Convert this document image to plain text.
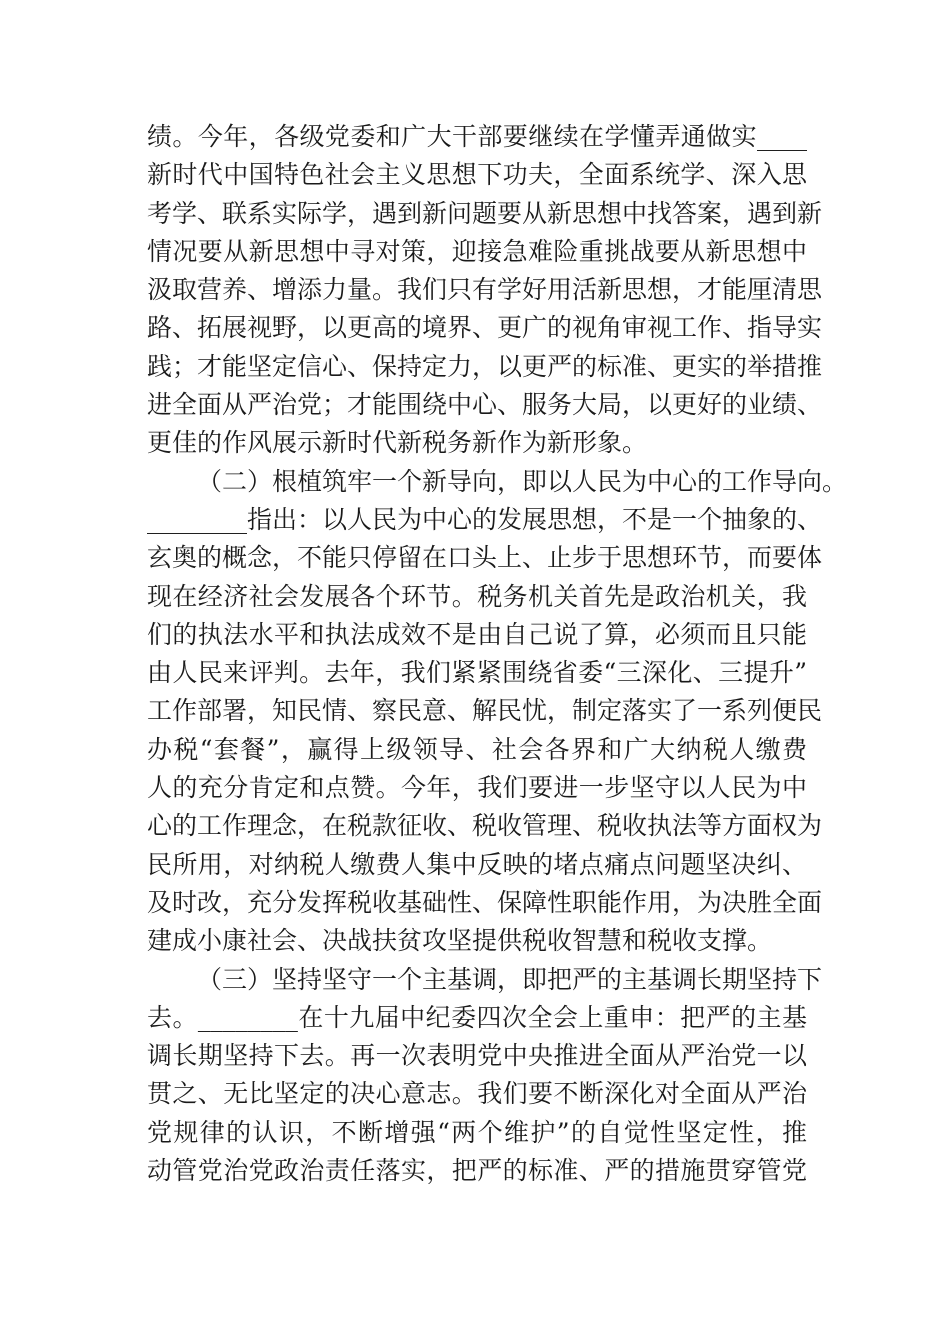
绩。今年，各级党委和广大干部要继续在学懂弄通做实____
新时代中国特色社会主义思想下功夫，全面系统学、深入思
考学、联系实际学，遇到新问题要从新思想中找答案，遇到新
情况要从新思想中寻对策，迎接急难险重挑战要从新思想中
汲取营养、增添力量。我们只有学好用活新思想，才能厘清思
路、拓展视野，以更高的境界、更广的视角审视工作、指导实
践；才能坚定信心、保持定力，以更严的标准、更实的举措推
进全面从严治党；才能围绕中心、服务大局，以更好的业绩、
更佳的作风展示新时代新税务新作为新形象。
（二）根植筑牢一个新导向，即以人民为中心的工作导向。
________指出：以人民为中心的发展思想，不是一个抽象的、
玄奥的概念，不能只停留在口头上、止步于思想环节，而要体
现在经济社会发展各个环节。税务机关首先是政治机关，我
们的执法水平和执法成效不是由自己说了算，必须而且只能
由人民来评判。去年，我们紧紧围绕省委“三深化、三提升”
工作部署，知民情、察民意、解民忧，制定落实了一系列便民
办税“套餐”，赢得上级领导、社会各界和广大纳税人缴费
人的充分肯定和点赞。今年，我们要进一步坚守以人民为中
心的工作理念，在税款征收、税收管理、税收执法等方面权为
民所用，对纳税人缴费人集中反映的堵点痛点问题坚决纠、
及时改，充分发挥税收基础性、保障性职能作用，为决胜全面
建成小康社会、决战扶贫攻坚提供税收智慧和税收支撑。
（三）坚持坚守一个主基调，即把严的主基调长期坚持下
去。________在十九届中纪委四次全会上重申：把严的主基
调长期坚持下去。再一次表明党中央推进全面从严治党一以
贯之、无比坚定的决心意志。我们要不断深化对全面从严治
党规律的认识，不断增强“两个维护”的自觉性坚定性，推
动管党治党政治责任落实，把严的标准、严的措施贯穿管党
